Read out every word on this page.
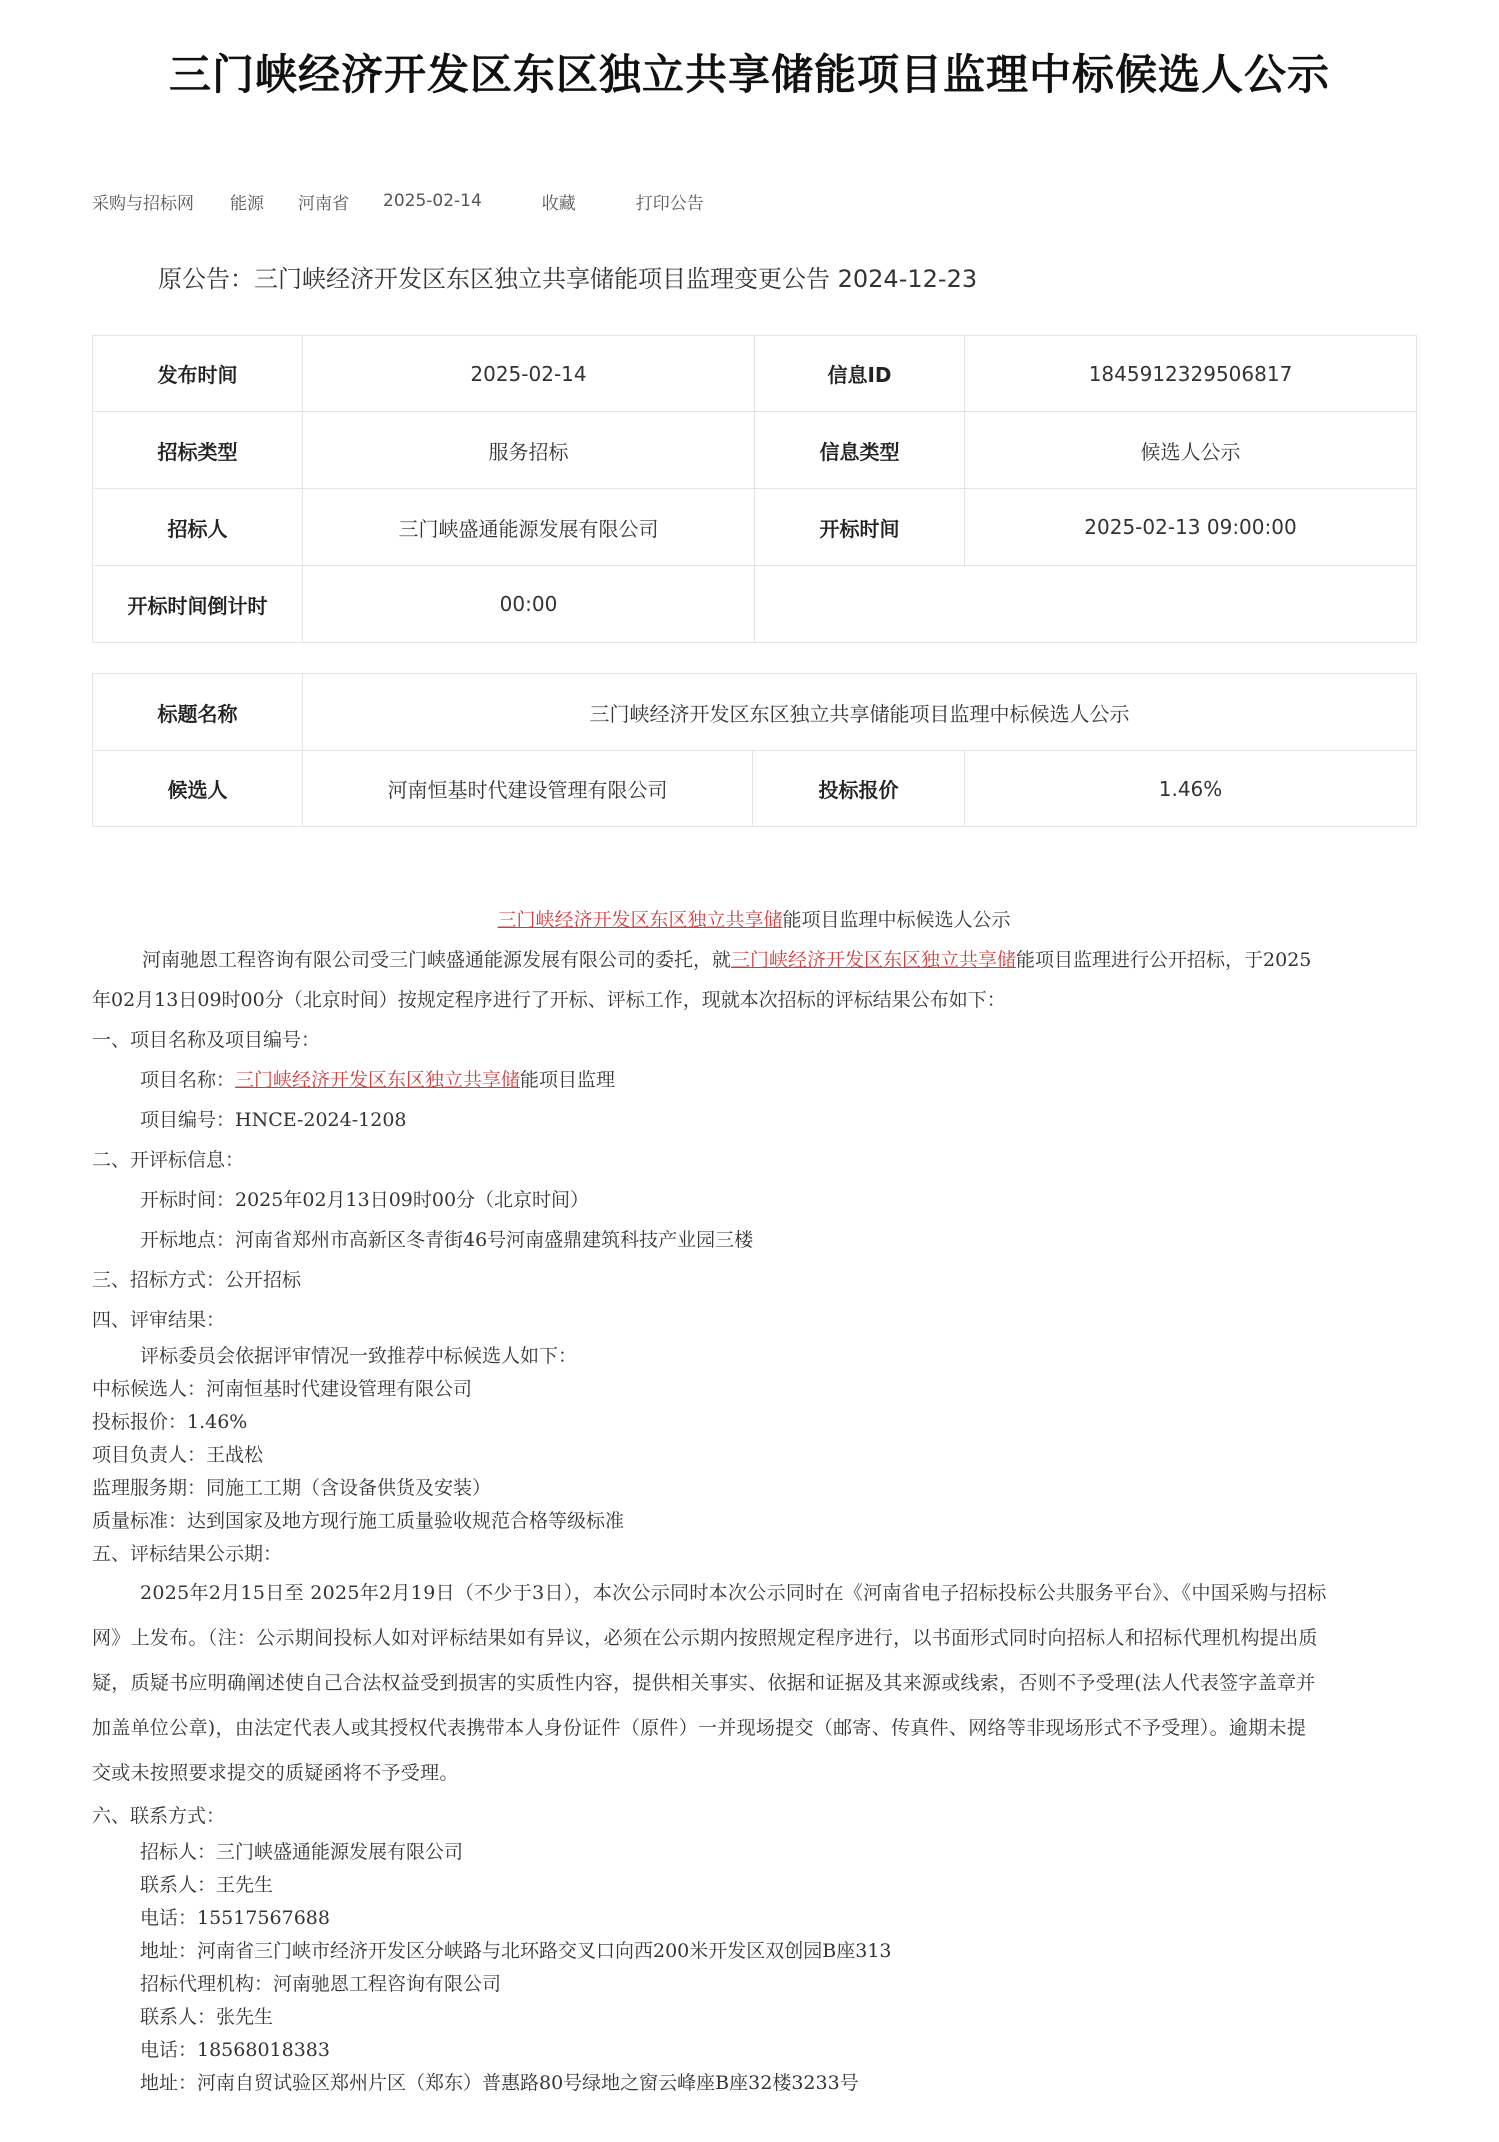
三门峡经济开发区东区独立共享储能项目监理中标候选人公示
采购与招标网 能源 河南省 2025-02-14	收藏	打印公告
原公告：三门峡经济开发区东区独立共享储能项目监理变更公告 2024-12-23
发布时间	2025-02-14	信息ID	1845912329506817
招标类型	服务招标	信息类型	候选人公示
招标人	三门峡盛通能源发展有限公司	开标时间	2025-02-13 09:00:00
开标时间倒计时	00:00		
标题名称	三门峡经济开发区东区独立共享储能项目监理中标候选人公示		
候选人	河南恒基时代建设管理有限公司	投标报价	1.46%

三门峡经济开发区东区独立共享储能项目监理中标候选人公示

河南驰恩工程咨询有限公司受三门峡盛通能源发展有限公司的委托，就三门峡经济开发区东区独立共享储能项目监理进行公开招标，于2025

年02月13日09时00分（北京时间）按规定程序进行了开标、评标工作，现就本次招标的评标结果公布如下：

一、项目名称及项目编号：

项目名称：三门峡经济开发区东区独立共享储能项目监理

项目编号：HNCE-2024-1208

二、开评标信息：

开标时间：2025年02月13日09时00分（北京时间）

开标地点：河南省郑州市高新区冬青街46号河南盛鼎建筑科技产业园三楼

三、招标方式：公开招标

四、评审结果：

评标委员会依据评审情况一致推荐中标候选人如下：

中标候选人：河南恒基时代建设管理有限公司

投标报价：1.46%

项目负责人：王战松

监理服务期：同施工工期（含设备供货及安装）

质量标准：达到国家及地方现行施工质量验收规范合格等级标准

五、评标结果公示期：

2025年2月15日至 2025年2月19日（不少于3日），本次公示同时本次公示同时在《河南省电子招标投标公共服务平台》、《中国采购与招标

网》上发布。（注：公示期间投标人如对评标结果如有异议，必须在公示期内按照规定程序进行，以书面形式同时向招标人和招标代理机构提出质

疑，质疑书应明确阐述使自己合法权益受到损害的实质性内容，提供相关事实、依据和证据及其来源或线索，否则不予受理(法人代表签字盖章并

加盖单位公章)，由法定代表人或其授权代表携带本人身份证件（原件）一并现场提交（邮寄、传真件、网络等非现场形式不予受理）。逾期未提

交或未按照要求提交的质疑函将不予受理。

六、联系方式：

招标人：三门峡盛通能源发展有限公司

联系人：王先生

电话：15517567688

地址：河南省三门峡市经济开发区分峡路与北环路交叉口向西200米开发区双创园B座313

招标代理机构：河南驰恩工程咨询有限公司

联系人：张先生

电话：18568018383

地址：河南自贸试验区郑州片区（郑东）普惠路80号绿地之窗云峰座B座32楼3233号
